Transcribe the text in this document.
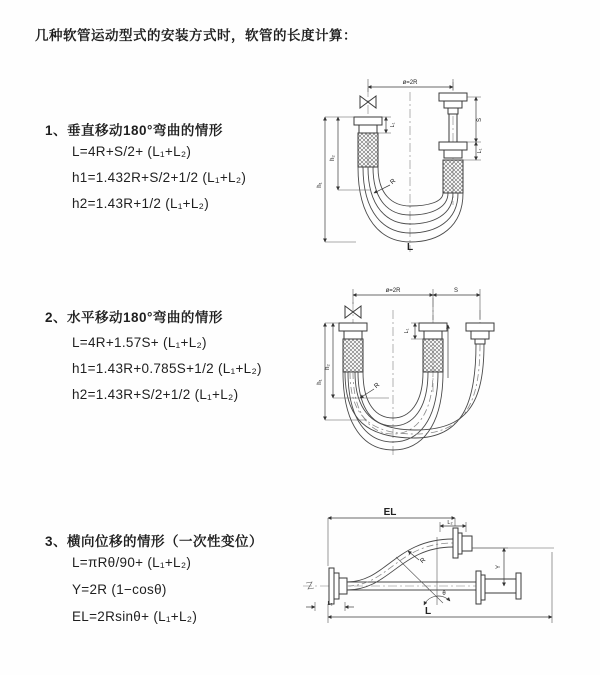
几种软管运动型式的安装方式时，软管的长度计算：
1、垂直移动180°弯曲的情形
L=4R+S/2+ (L₁+L₂)
h1=1.432R+S/2+1/2 (L₁+L₂)
h2=1.43R+1/2 (L₁+L₂)
2、水平移动180°弯曲的情形
L=4R+1.57S+ (L₁+L₂)
h1=1.43R+0.785S+1/2 (L₁+L₂)
h2=1.43R+S/2+1/2 (L₁+L₂)
3、横向位移的情形（一次性变位）
L=πRθ/90+ (L₁+L₂)
Y=2R (1−cosθ)
EL=2Rsinθ+ (L₁+L₂)
ø=2R
h₁
h₂
L₁
S
L₁
R
L
ø=2R	S
h₁
h₂
L₁
R
EL
L₂
Y
L
L₁
R
θ
